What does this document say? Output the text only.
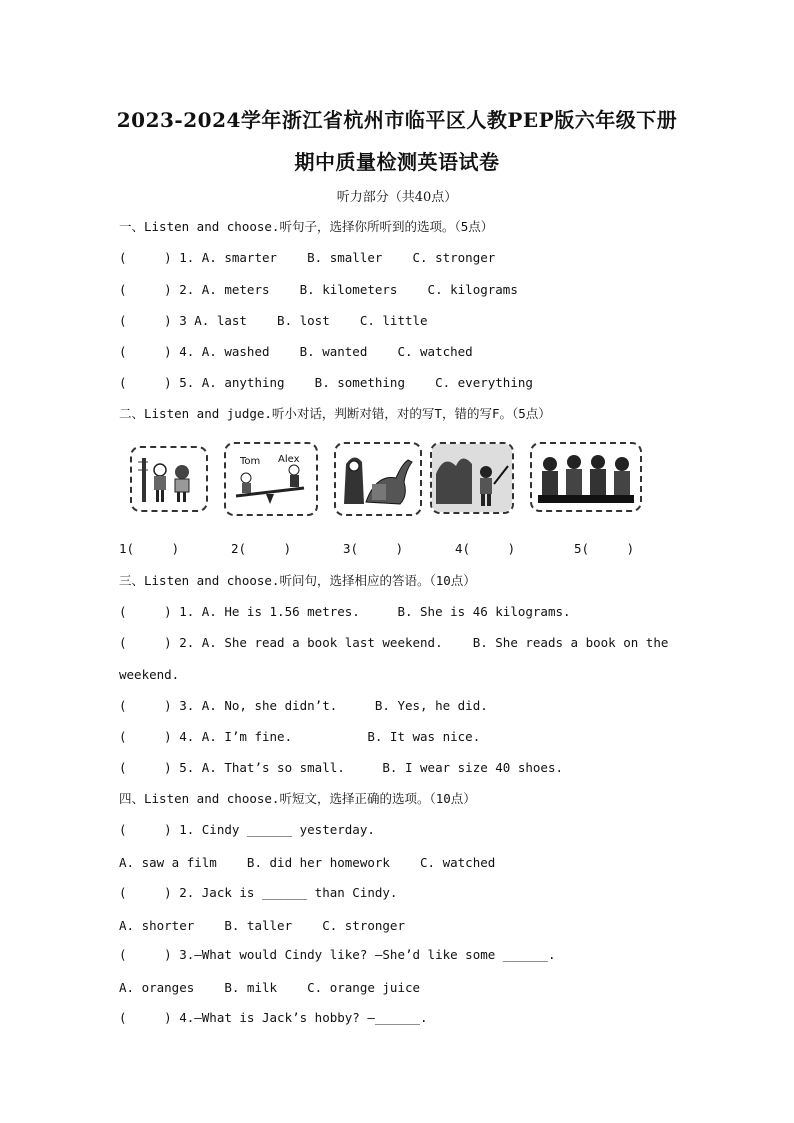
2023-2024学年浙江省杭州市临平区人教PEP版六年级下册
期中质量检测英语试卷
听力部分（共40点）
一、Listen and choose.听句子，选择你所听到的选项。（5点）
(     ) 1. A. smarter    B. smaller    C. stronger
(     ) 2. A. meters    B. kilometers    C. kilograms
(     ) 3 A. last    B. lost    C. little
(     ) 4. A. washed    B. wanted    C. watched
(     ) 5. A. anything    B. something    C. everything
二、Listen and judge.听小对话，判断对错，对的写T，错的写F。（5点）
Tom Alex
1(     )	2(     )	3(     )	4(     )	5(     )
三、Listen and choose.听问句，选择相应的答语。（10点）
(     ) 1. A. He is 1.56 metres.     B. She is 46 kilograms.
(     ) 2. A. She read a book last weekend.    B. She reads a book on the
weekend.
(     ) 3. A. No, she didn’t.     B. Yes, he did.
(     ) 4. A. I’m fine.          B. It was nice.
(     ) 5. A. That’s so small.     B. I wear size 40 shoes.
四、Listen and choose.听短文，选择正确的选项。（10点）
(     ) 1. Cindy ______ yesterday.
A. saw a film    B. did her homework    C. watched
(     ) 2. Jack is ______ than Cindy.
A. shorter    B. taller    C. stronger
(     ) 3.—What would Cindy like? —She’d like some ______.
A. oranges    B. milk    C. orange juice
(     ) 4.—What is Jack’s hobby? —______.
